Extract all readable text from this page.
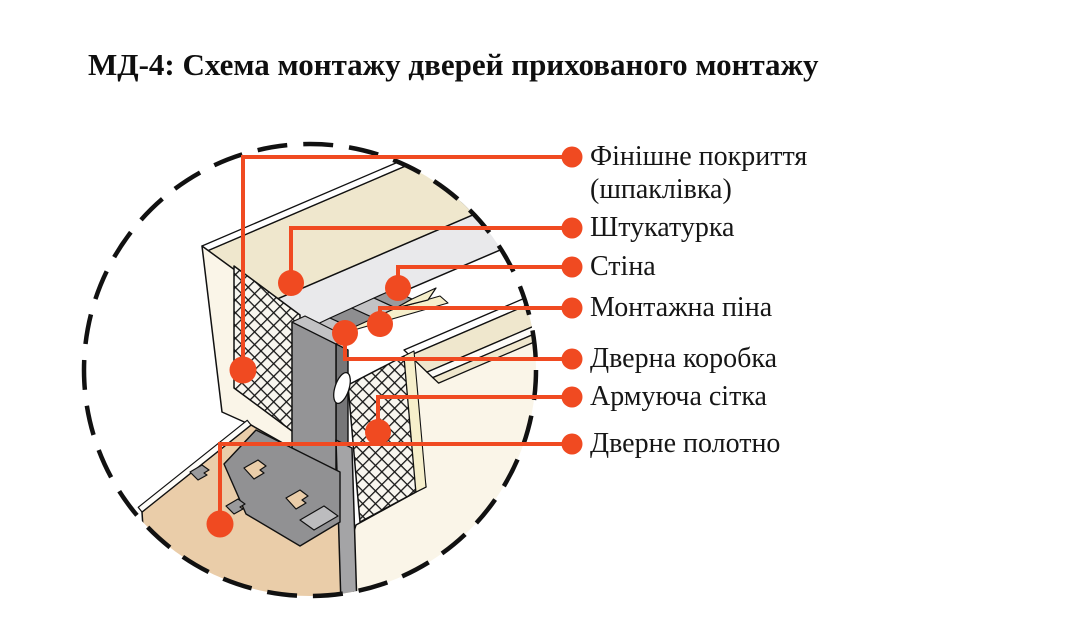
МД-4: Схема монтажу дверей прихованого монтажу
Фінішне покриття (шпаклівка)
Штукатурка
Стіна
Монтажна піна
Дверна коробка
Армуюча сітка
Дверне полотно
